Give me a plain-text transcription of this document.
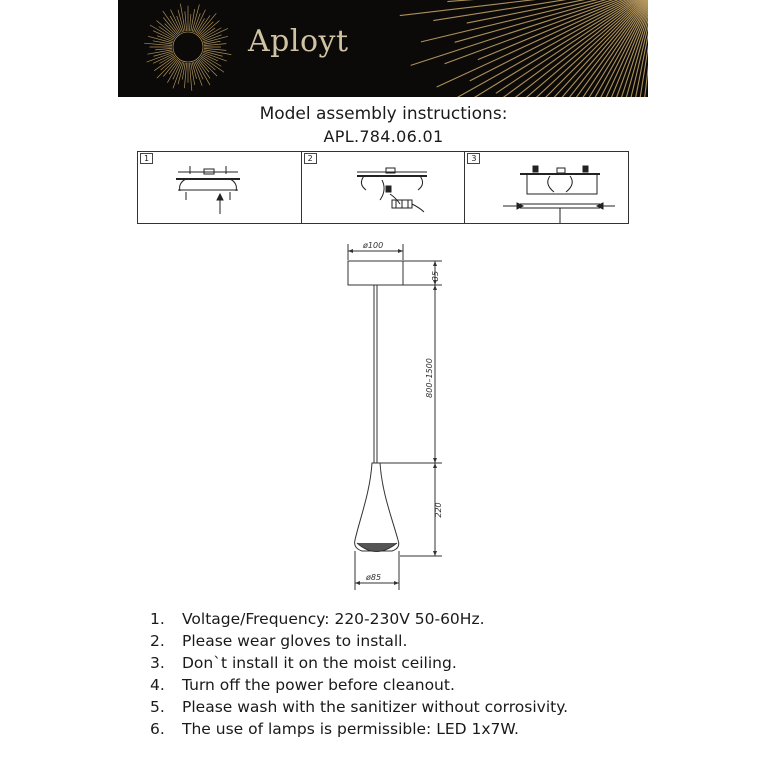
Aployt
Model assembly instructions:
APL.784.06.01
1	2	3
ø100
35
800–1500
220
ø85
1.	Voltage/Frequency: 220-230V 50-60Hz.
2.	Please wear gloves to install.
3.	Don`t install it on the moist ceiling.
4.	Turn off the power before cleanout.
5.	Please wash with the sanitizer without corrosivity.
6.	The use of lamps is permissible: LED 1x7W.
